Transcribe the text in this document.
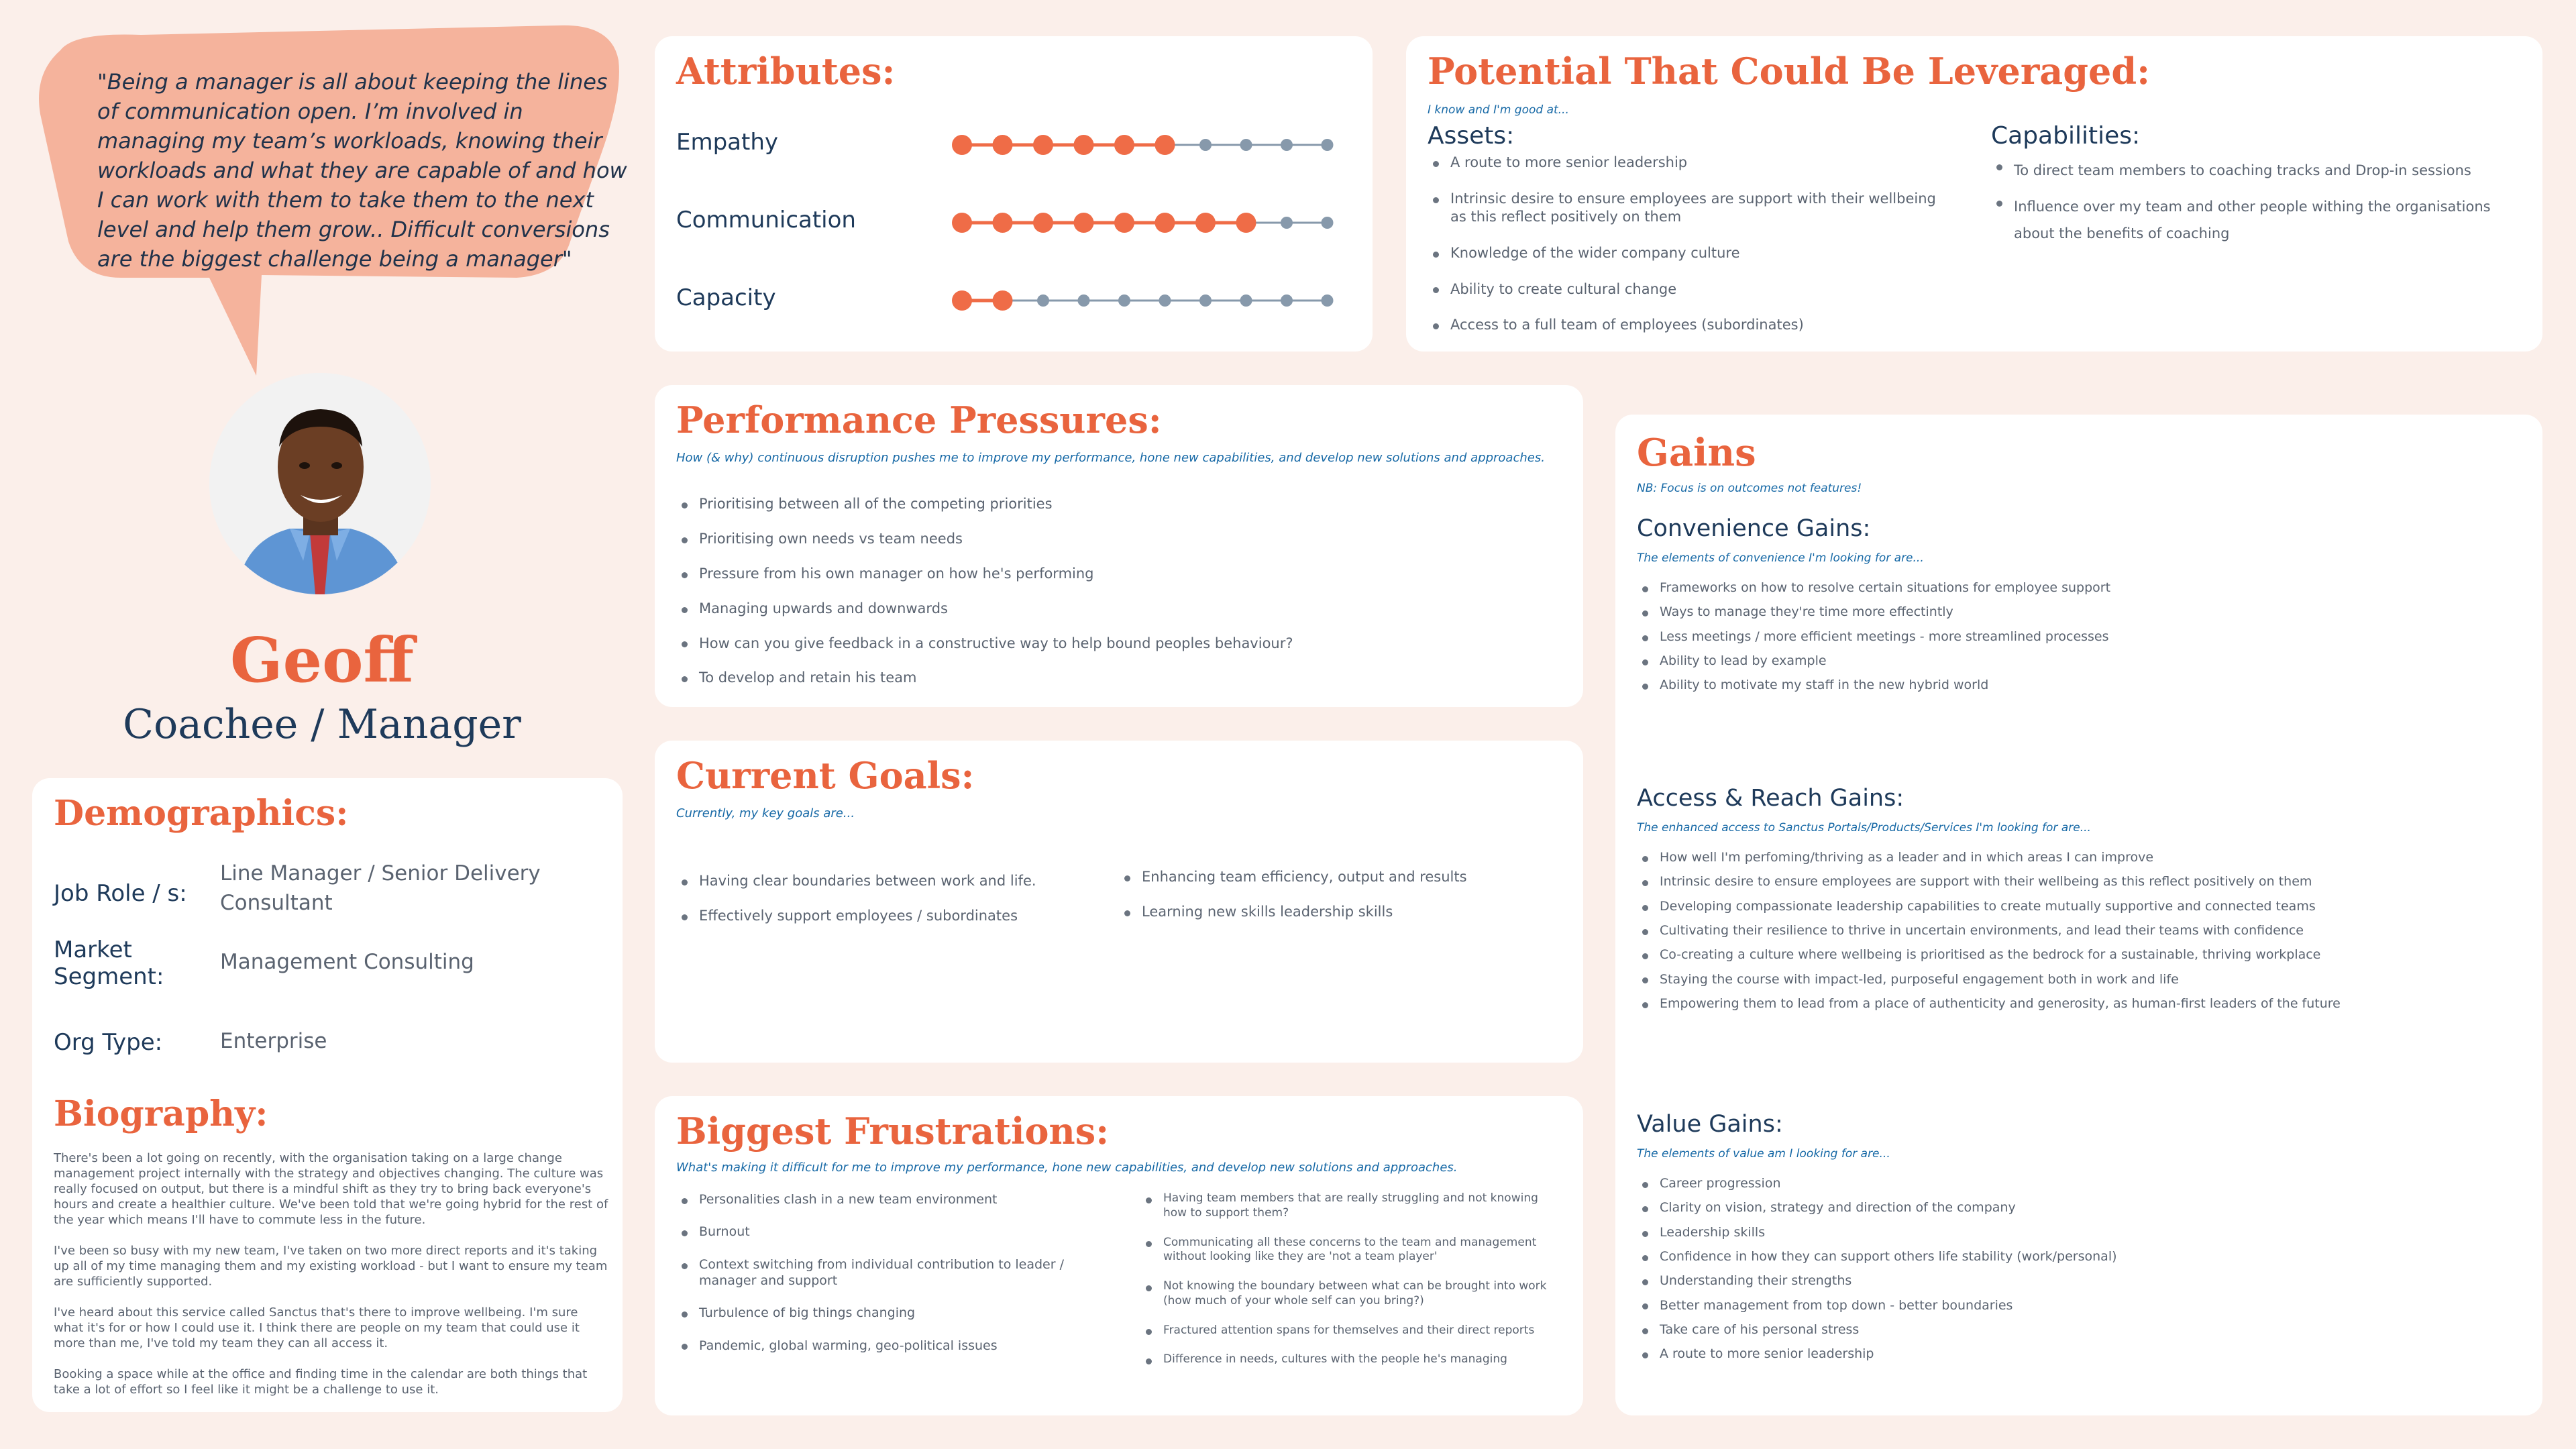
"Being a manager is all about keeping the lines of communication open. I’m involved in managing my team’s workloads, knowing their workloads and what they are capable of and how I can work with them to take them to the next level and help them grow.. Difficult conversions are the biggest challenge being a manager"
Geoff
Coachee / Manager
Demographics:
Job Role / s:
Line Manager / Senior Delivery Consultant
Market Segment:
Management Consulting
Org Type:	Enterprise
Biography:

There's been a lot going on recently, with the organisation taking on a large change management project internally with the strategy and objectives changing. The culture was really focused on output, but there is a mindful shift as they try to bring back everyone's hours and create a healthier culture. We've been told that we're going hybrid for the rest of the year which means I'll have to commute less in the future.

I've been so busy with my new team, I've taken on two more direct reports and it's taking up all of my time managing them and my existing workload - but I want to ensure my team are sufficiently supported.

I've heard about this service called Sanctus that's there to improve wellbeing. I'm sure what it's for or how I could use it. I think there are people on my team that could use it more than me, I've told my team they can all access it.

Booking a space while at the office and finding time in the calendar are both things that take a lot of effort so I feel like it might be a challenge to use it.

Attributes:
Empathy
Communication
Capacity
Potential That Could Be Leveraged:
I know and I'm good at...
Assets:
A route to more senior leadership
Intrinsic desire to ensure employees are support with their wellbeing as this reflect positively on them
Knowledge of the wider company culture
Ability to create cultural change
Access to a full team of employees (subordinates)
Capabilities:
To direct team members to coaching tracks and Drop-in sessions
Influence over my team and other people withing the organisations about the benefits of coaching
Performance Pressures:
How (& why) continuous disruption pushes me to improve my performance, hone new capabilities, and develop new solutions and approaches.
Prioritising between all of the competing priorities
Prioritising own needs vs team needs
Pressure from his own manager on how he's performing
Managing upwards and downwards
How can you give feedback in a constructive way to help bound peoples behaviour?
To develop and retain his team
Current Goals:
Currently, my key goals are...
Having clear boundaries between work and life.
Effectively support employees / subordinates
Enhancing team efficiency, output and results
Learning new skills leadership skills
Biggest Frustrations:
What's making it difficult for me to improve my performance, hone new capabilities, and develop new solutions and approaches.
Personalities clash in a new team environment
Burnout
Context switching from individual contribution to leader / manager and support
Turbulence of big things changing
Pandemic, global warming, geo-political issues
Having team members that are really struggling and not knowing how to support them?
Communicating all these concerns to the team and management without looking like they are 'not a team player'
Not knowing the boundary between what can be brought into work (how much of your whole self can you bring?)
Fractured attention spans for themselves and their direct reports
Difference in needs, cultures with the people he's managing
Gains
NB: Focus is on outcomes not features!
Convenience Gains:
The elements of convenience I'm looking for are...
Frameworks on how to resolve certain situations for employee support
Ways to manage they're time more effectintly
Less meetings / more efficient meetings - more streamlined processes
Ability to lead by example
Ability to motivate my staff in the new hybrid world
Access & Reach Gains:
The enhanced access to Sanctus Portals/Products/Services I'm looking for are...
How well I'm perfoming/thriving as a leader and in which areas I can improve
Intrinsic desire to ensure employees are support with their wellbeing as this reflect positively on them
Developing compassionate leadership capabilities to create mutually supportive and connected teams
Cultivating their resilience to thrive in uncertain environments, and lead their teams with confidence
Co-creating a culture where wellbeing is prioritised as the bedrock for a sustainable, thriving workplace
Staying the course with impact-led, purposeful engagement both in work and life
Empowering them to lead from a place of authenticity and generosity, as human-first leaders of the future
Value Gains:
The elements of value am I looking for are...
Career progression
Clarity on vision, strategy and direction of the company
Leadership skills
Confidence in how they can support others life stability (work/personal)
Understanding their strengths
Better management from top down - better boundaries
Take care of his personal stress
A route to more senior leadership
